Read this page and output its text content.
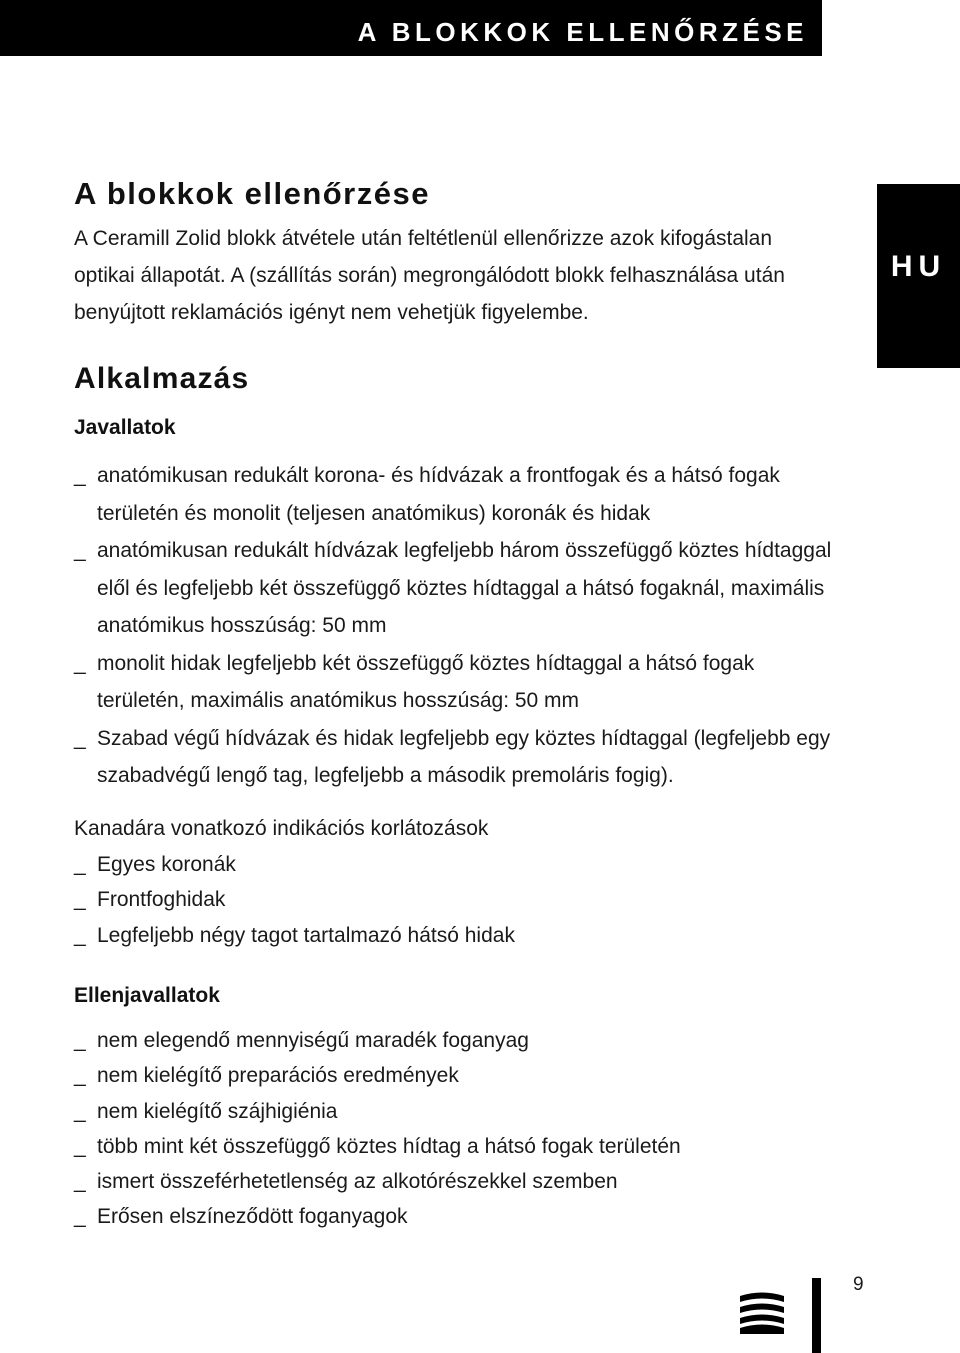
A BLOKKOK ELLENŐRZÉSE
HU
A blokkok ellenőrzése

A Ceramill Zolid blokk átvétele után feltétlenül ellenőrizze azok kifogástalan optikai állapotát. A (szállítás során) megrongálódott blokk felhasználása után benyújtott reklamációs igényt nem vehetjük figyelembe.

Alkalmazás
Javallatok
_ anatómikusan redukált korona- és hídvázak a frontfogak és a hátsó fogak területén és monolit (teljesen anatómikus) koronák és hidak
_ anatómikusan redukált hídvázak legfeljebb három összefüggő köztes hídtaggal elől és legfeljebb két összefüggő köztes hídtaggal a hátsó fogaknál, maximális anatómikus hosszúság: 50 mm
_ monolit hidak legfeljebb két összefüggő köztes hídtaggal a hátsó fogak területén, maximális anatómikus hosszúság: 50 mm
_ Szabad végű hídvázak és hidak legfeljebb egy köztes hídtaggal (legfeljebb egy szabadvégű lengő tag, legfeljebb a második premoláris fogig).

Kanadára vonatkozó indikációs korlátozások

_ Egyes koronák
_ Frontfoghidak
_ Legfeljebb négy tagot tartalmazó hátsó hidak
Ellenjavallatok
_ nem elegendő mennyiségű maradék foganyag
_ nem kielégítő preparációs eredmények
_ nem kielégítő szájhigiénia
_ több mint két összefüggő köztes hídtag a hátsó fogak területén
_ ismert összeférhetetlenség az alkotórészekkel szemben
_ Erősen elszíneződött foganyagok
9
